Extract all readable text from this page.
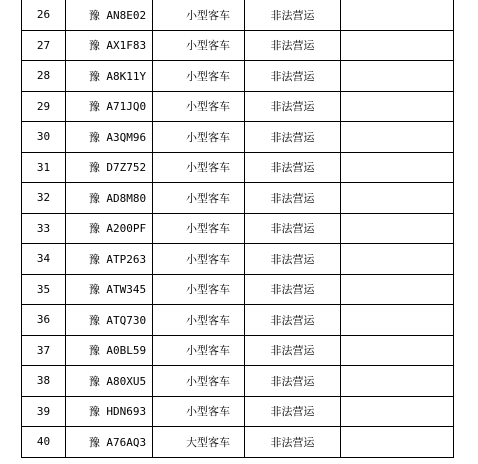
26	豫 AN8E02	小型客车	非法营运	
27	豫 AX1F83	小型客车	非法营运	
28	豫 A8K11Y	小型客车	非法营运	
29	豫 A71JQ0	小型客车	非法营运	
30	豫 A3QM96	小型客车	非法营运	
31	豫 D7Z752	小型客车	非法营运	
32	豫 AD8M80	小型客车	非法营运	
33	豫 A200PF	小型客车	非法营运	
34	豫 ATP263	小型客车	非法营运	
35	豫 ATW345	小型客车	非法营运	
36	豫 ATQ730	小型客车	非法营运	
37	豫 A0BL59	小型客车	非法营运	
38	豫 A80XU5	小型客车	非法营运	
39	豫 HDN693	小型客车	非法营运	
40	豫 A76AQ3	大型客车	非法营运	
